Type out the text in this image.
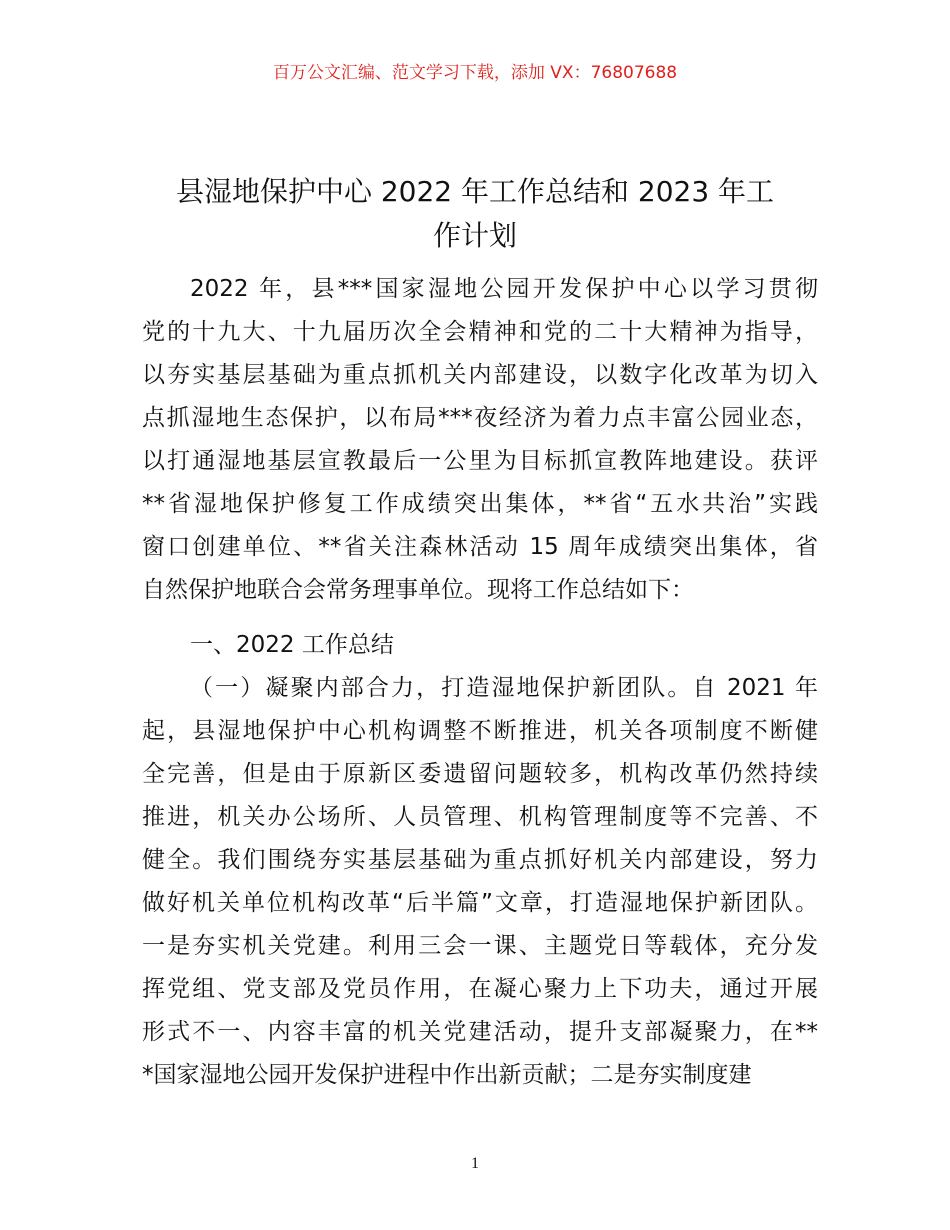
百万公文汇编、范文学习下载，添加 VX：76807688
县湿地保护中心 2022 年工作总结和 2023 年工
作计划
2022 年，县***国家湿地公园开发保护中心以学习贯彻
党的十九大、十九届历次全会精神和党的二十大精神为指导，
以夯实基层基础为重点抓机关内部建设，以数字化改革为切入
点抓湿地生态保护，以布局***夜经济为着力点丰富公园业态，
以打通湿地基层宣教最后一公里为目标抓宣教阵地建设。获评
**省湿地保护修复工作成绩突出集体，**省“五水共治”实践
窗口创建单位、**省关注森林活动 15 周年成绩突出集体，省
自然保护地联合会常务理事单位。现将工作总结如下：
一、2022 工作总结
（一）凝聚内部合力，打造湿地保护新团队。自 2021 年
起，县湿地保护中心机构调整不断推进，机关各项制度不断健
全完善，但是由于原新区委遗留问题较多，机构改革仍然持续
推进，机关办公场所、人员管理、机构管理制度等不完善、不
健全。我们围绕夯实基层基础为重点抓好机关内部建设，努力
做好机关单位机构改革“后半篇”文章，打造湿地保护新团队。
一是夯实机关党建。利用三会一课、主题党日等载体，充分发
挥党组、党支部及党员作用，在凝心聚力上下功夫，通过开展
形式不一、内容丰富的机关党建活动，提升支部凝聚力，在**
*国家湿地公园开发保护进程中作出新贡献；二是夯实制度建
1
